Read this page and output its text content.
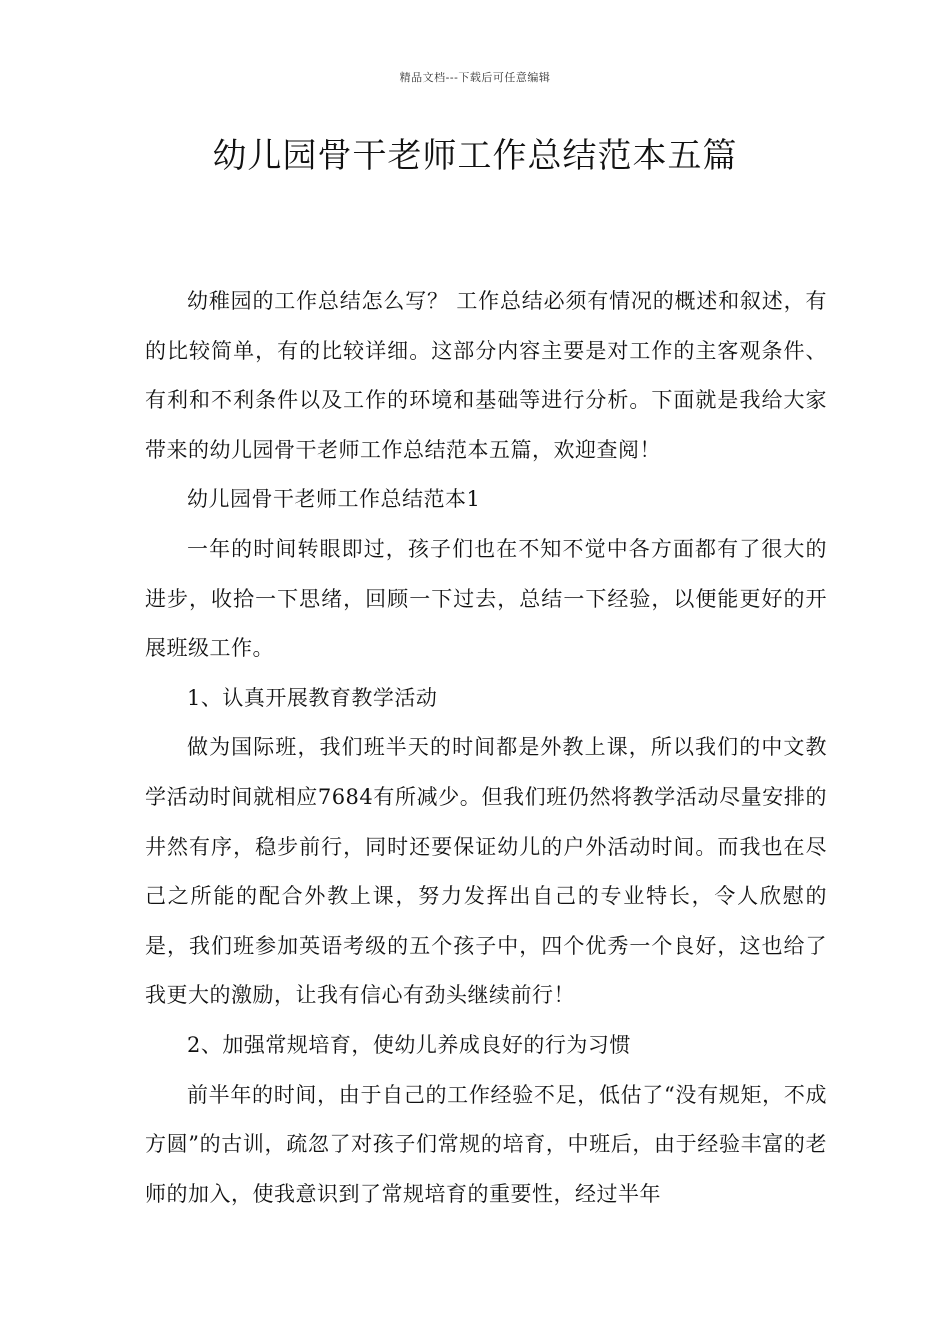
精品文档---下载后可任意编辑
幼儿园骨干老师工作总结范本五篇

幼稚园的工作总结怎么写？ 工作总结必须有情况的概述和叙述，有的比较简单，有的比较详细。这部分内容主要是对工作的主客观条件、有利和不利条件以及工作的环境和基础等进行分析。下面就是我给大家带来的幼儿园骨干老师工作总结范本五篇，欢迎查阅！

幼儿园骨干老师工作总结范本1

一年的时间转眼即过，孩子们也在不知不觉中各方面都有了很大的进步，收拾一下思绪，回顾一下过去，总结一下经验，以便能更好的开展班级工作。

1、认真开展教育教学活动

做为国际班，我们班半天的时间都是外教上课，所以我们的中文教学活动时间就相应7684有所减少。但我们班仍然将教学活动尽量安排的井然有序，稳步前行，同时还要保证幼儿的户外活动时间。而我也在尽己之所能的配合外教上课，努力发挥出自己的专业特长，令人欣慰的是，我们班参加英语考级的五个孩子中，四个优秀一个良好，这也给了我更大的激励，让我有信心有劲头继续前行！

2、加强常规培育，使幼儿养成良好的行为习惯

前半年的时间，由于自己的工作经验不足，低估了“没有规矩，不成方圆”的古训，疏忽了对孩子们常规的培育，中班后，由于经验丰富的老师的加入，使我意识到了常规培育的重要性，经过半年
